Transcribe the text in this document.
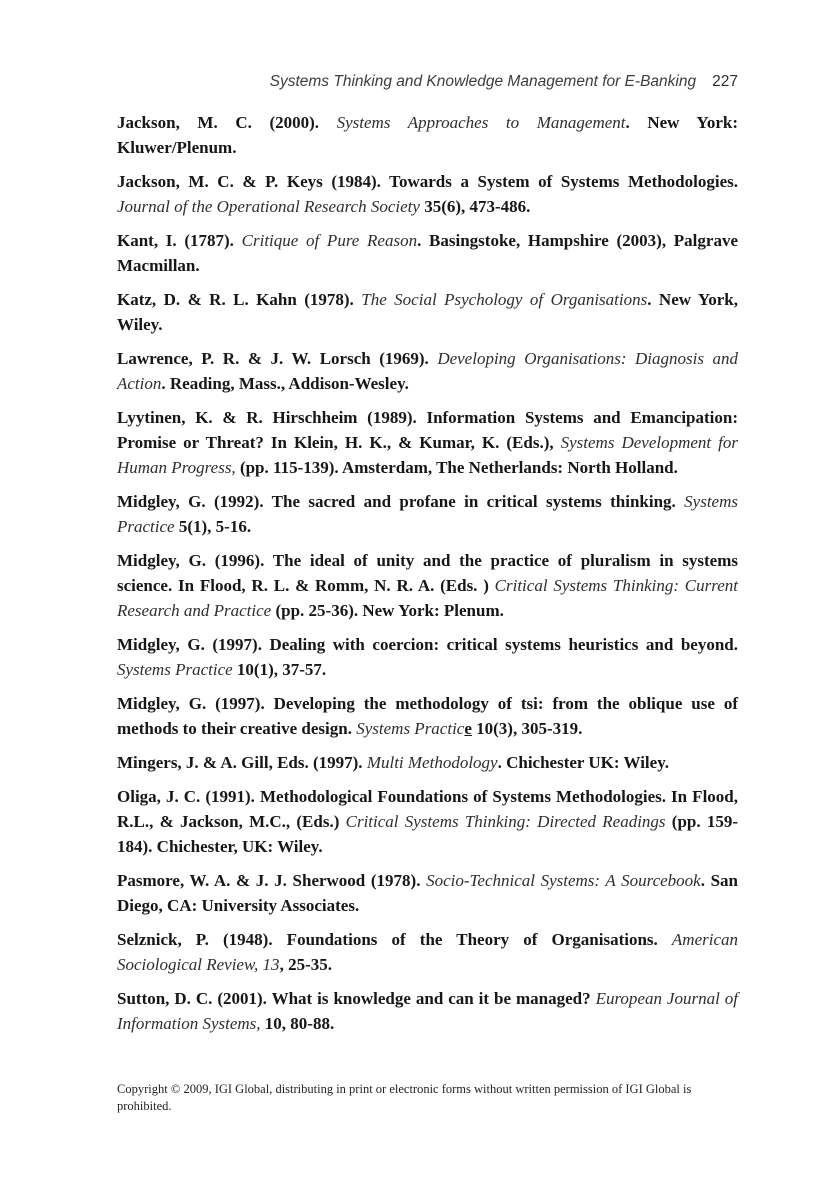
Systems Thinking and Knowledge Management for E-Banking 227

Jackson, M. C. (2000). Systems Approaches to Management. New York: Kluwer/Plenum.

Jackson, M. C. & P. Keys (1984). Towards a System of Systems Methodologies. Journal of the Operational Research Society 35(6), 473-486.

Kant, I. (1787). Critique of Pure Reason. Basingstoke, Hampshire (2003), Palgrave Macmillan.

Katz, D. & R. L. Kahn (1978). The Social Psychology of Organisations. New York, Wiley.

Lawrence, P. R. & J. W. Lorsch (1969). Developing Organisations: Diagnosis and Action. Reading, Mass., Addison-Wesley.

Lyytinen, K. & R. Hirschheim (1989). Information Systems and Emancipation: Promise or Threat? In Klein, H. K., & Kumar, K. (Eds.), Systems Development for Human Progress, (pp. 115-139). Amsterdam, The Netherlands: North Holland.

Midgley, G. (1992). The sacred and profane in critical systems thinking. Systems Practice 5(1), 5-16.

Midgley, G. (1996). The ideal of unity and the practice of pluralism in systems science. In Flood, R. L. & Romm, N. R. A. (Eds. ) Critical Systems Thinking: Current Research and Practice (pp. 25-36). New York: Plenum.

Midgley, G. (1997). Dealing with coercion: critical systems heuristics and beyond. Systems Practice 10(1), 37-57.

Midgley, G. (1997). Developing the methodology of tsi: from the oblique use of methods to their creative design. Systems Practice 10(3), 305-319.

Mingers, J. & A. Gill, Eds. (1997). Multi Methodology. Chichester UK: Wiley.

Oliga, J. C. (1991). Methodological Foundations of Systems Methodologies. In Flood, R.L., & Jackson, M.C., (Eds.) Critical Systems Thinking: Directed Readings (pp. 159-184). Chichester, UK: Wiley.

Pasmore, W. A. & J. J. Sherwood (1978). Socio-Technical Systems: A Sourcebook. San Diego, CA: University Associates.

Selznick, P. (1948). Foundations of the Theory of Organisations. American Sociological Review, 13, 25-35.

Sutton, D. C. (2001). What is knowledge and can it be managed? European Journal of Information Systems, 10, 80-88.

Copyright © 2009, IGI Global, distributing in print or electronic forms without written permission of IGI Global is prohibited.
